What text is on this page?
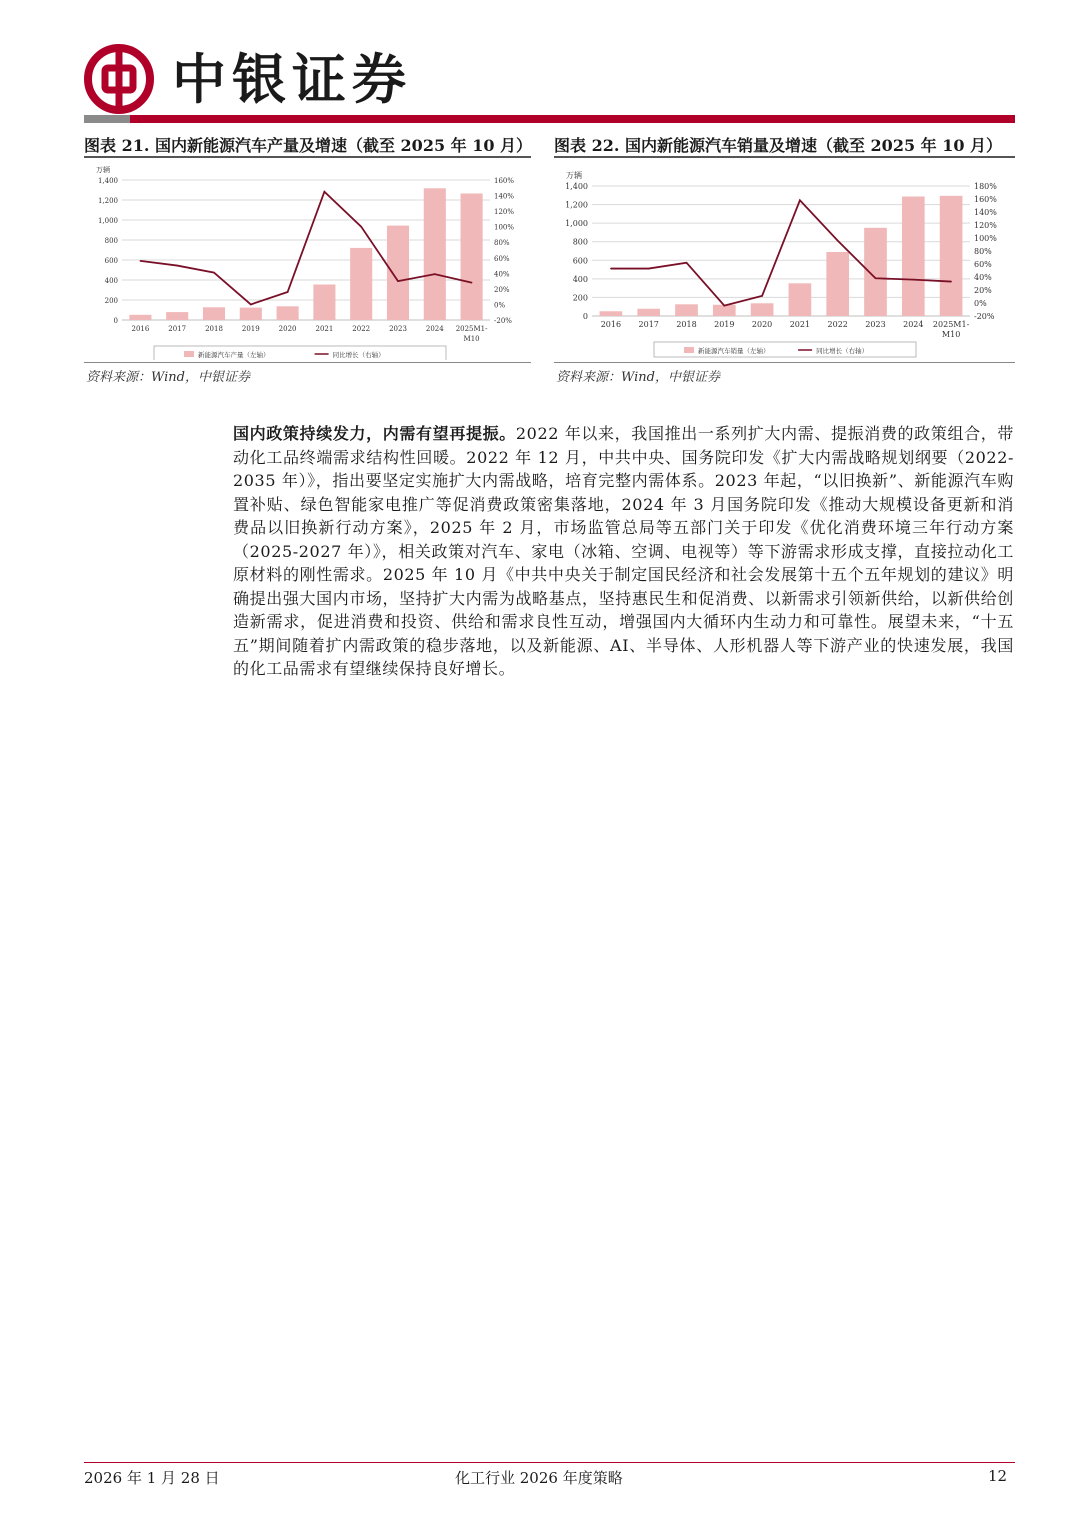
中银证券
图表 21. 国内新能源汽车产量及增速（截至 2025 年 10 月）
0
200
400
600
800
1,000
1,200
1,400
-20%
0%
20%
40%
60%
80%
100%
120%
140%
160%
万辆
2016	2017	2018	2019	2020	2021	2022	2023	2024 2025M1-
M10
新能源汽车产量（左轴）	同比增长（右轴）
资料来源：Wind，中银证券
图表 22. 国内新能源汽车销量及增速（截至 2025 年 10 月）
0
200
400
600
800
1,000
1,200
1,400
-20%
0%
20%
40%
60%
80%
100%
120%
140%
160%
180%
万辆
2016 2017 2018 2019 2020 2021 2022 2023 2024 2025M1-
M10
新能源汽车销量（左轴）	同比增长（右轴）
资料来源：Wind，中银证券
国内政策持续发力，内需有望再提振。2022 年以来，我国推出一系列扩大内需、提振消费的政策组合，带动化工品终端需求结构性回暖。2022 年 12 月，中共中央、国务院印发《扩大内需战略规划纲要（2022-2035 年）》，指出要坚定实施扩大内需战略，培育完整内需体系。2023 年起，“以旧换新”、新能源汽车购置补贴、绿色智能家电推广等促消费政策密集落地，2024 年 3 月国务院印发《推动大规模设备更新和消费品以旧换新行动方案》，2025 年 2 月，市场监管总局等五部门关于印发《优化消费环境三年行动方案（2025-2027 年）》，相关政策对汽车、家电（冰箱、空调、电视等）等下游需求形成支撑，直接拉动化工原材料的刚性需求。2025 年 10 月《中共中央关于制定国民经济和社会发展第十五个五年规划的建议》明确提出强大国内市场，坚持扩大内需为战略基点，坚持惠民生和促消费、以新需求引领新供给，以新供给创造新需求，促进消费和投资、供给和需求良性互动，增强国内大循环内生动力和可靠性。展望未来，“十五五”期间随着扩内需政策的稳步落地，以及新能源、AI、半导体、人形机器人等下游产业的快速发展，我国的化工品需求有望继续保持良好增长。
2026 年 1 月 28 日	化工行业 2026 年度策略	12
